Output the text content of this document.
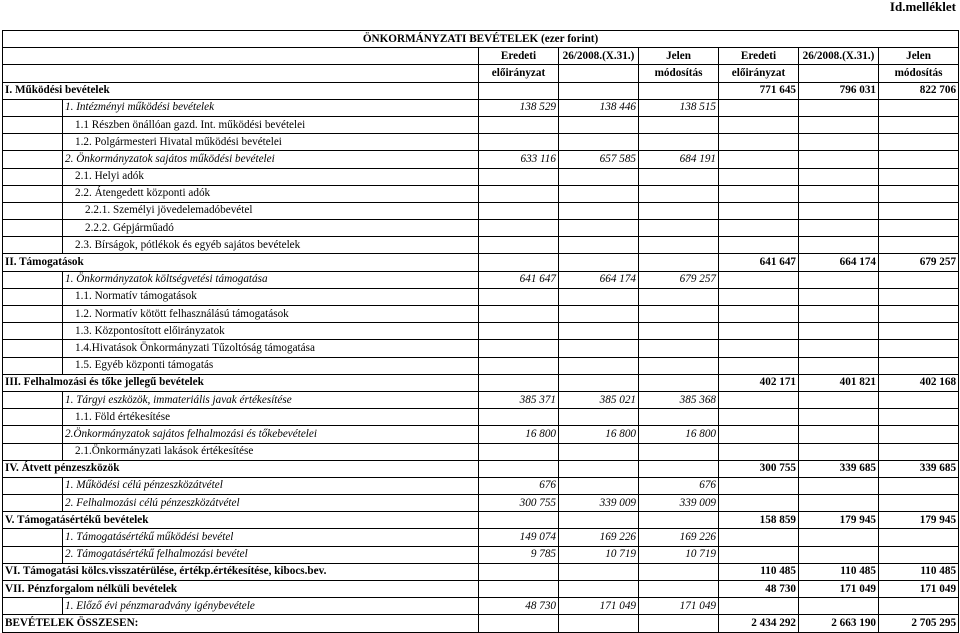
Id.melléklet
ÖNKORMÁNYZATI BEVÉTELEK (ezer forint)							
		Eredeti	26/2008.(X.31.)	Jelen	Eredeti	26/2008.(X.31.)	Jelen
		előirányzat		módosítás	előirányzat		módosítás
I. Működési bevételek					771 645	796 031	822 706
	1. Intézményi működési bevételek	138 529	138 446	138 515			
	1.1 Részben önállóan gazd. Int. működési bevételei						
	1.2. Polgármesteri Hivatal működési bevételei						
	2. Önkormányzatok sajátos működési bevételei	633 116	657 585	684 191			
	2.1. Helyi adók						
	2.2. Átengedett központi adók						
	2.2.1. Személyi jövedelemadóbevétel						
	2.2.2. Gépjárműadó						
	2.3. Bírságok, pótlékok és egyéb sajátos bevételek						
II. Támogatások					641 647	664 174	679 257
	1. Önkormányzatok költségvetési támogatása	641 647	664 174	679 257			
	1.1. Normatív támogatások						
	1.2. Normatív kötött felhasználású támogatások						
	1.3. Központosított előirányzatok						
	1.4.Hivatások Önkormányzati Tűzoltóság támogatása						
	1.5. Egyéb központi támogatás						
III. Felhalmozási és tőke jellegű bevételek					402 171	401 821	402 168
	1. Tárgyi eszközök, immateriális javak értékesítése	385 371	385 021	385 368			
	1.1. Föld értékesítése						
	2.Önkormányzatok sajátos felhalmozási és tőkebevételei	16 800	16 800	16 800			
	2.1.Önkormányzati lakások értékesítése						
IV. Átvett pénzeszközök					300 755	339 685	339 685
	1. Működési célú pénzeszközátvétel	676		676			
	2. Felhalmozási célú pénzeszközátvétel	300 755	339 009	339 009			
V. Támogatásértékű bevételek					158 859	179 945	179 945
	1. Támogatásértékű működési bevétel	149 074	169 226	169 226			
	2. Támogatásértékű felhalmozási bevétel	9 785	10 719	10 719			
VI. Támogatási kölcs.visszatérülése, értékp.értékesítése, kibocs.bev.					110 485	110 485	110 485
VII. Pénzforgalom nélküli bevételek					48 730	171 049	171 049
	1. Előző évi pénzmaradvány igénybevétele	48 730	171 049	171 049			
BEVÉTELEK ÖSSZESEN:					2 434 292	2 663 190	2 705 295
